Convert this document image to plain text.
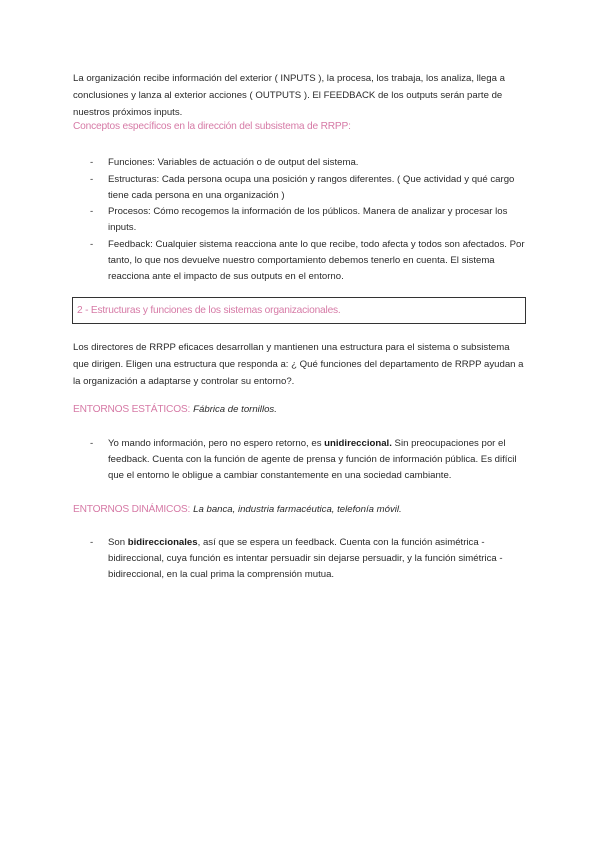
La organización recibe información del exterior ( INPUTS ), la procesa, los trabaja, los analiza, llega a conclusiones y lanza al exterior acciones ( OUTPUTS ). El FEEDBACK de los outputs serán parte de nuestros próximos inputs.
Conceptos específicos en la dirección del subsistema de RRPP:
- Funciones: Variables de actuación o de output del sistema.
- Estructuras: Cada persona ocupa una posición y rangos diferentes. ( Que actividad y qué cargo tiene cada persona en una organización )
- Procesos: Cómo recogemos la información de los públicos. Manera de analizar y procesar los inputs.
- Feedback: Cualquier sistema reacciona ante lo que recibe, todo afecta y todos son afectados. Por tanto, lo que nos devuelve nuestro comportamiento debemos tenerlo en cuenta. El sistema reacciona ante el impacto de sus outputs en el entorno.
2 - Estructuras y funciones de los sistemas organizacionales.
Los directores de RRPP eficaces desarrollan y mantienen una estructura para el sistema o subsistema que dirigen. Eligen una estructura que responda a: ¿ Qué funciones del departamento de RRPP ayudan a la organización a adaptarse y controlar su entorno?.
ENTORNOS ESTÁTICOS: Fábrica de tornillos.
- Yo mando información, pero no espero retorno, es unidireccional. Sin preocupaciones por el feedback. Cuenta con la función de agente de prensa y función de información pública. Es difícil que el entorno le obligue a cambiar constantemente en una sociedad cambiante.
ENTORNOS DINÁMICOS: La banca, industria farmacéutica, telefonía móvil.
- Son bidireccionales, así que se espera un feedback. Cuenta con la función asimétrica - bidireccional, cuya función es intentar persuadir sin dejarse persuadir, y la función simétrica - bidireccional, en la cual prima la comprensión mutua.
